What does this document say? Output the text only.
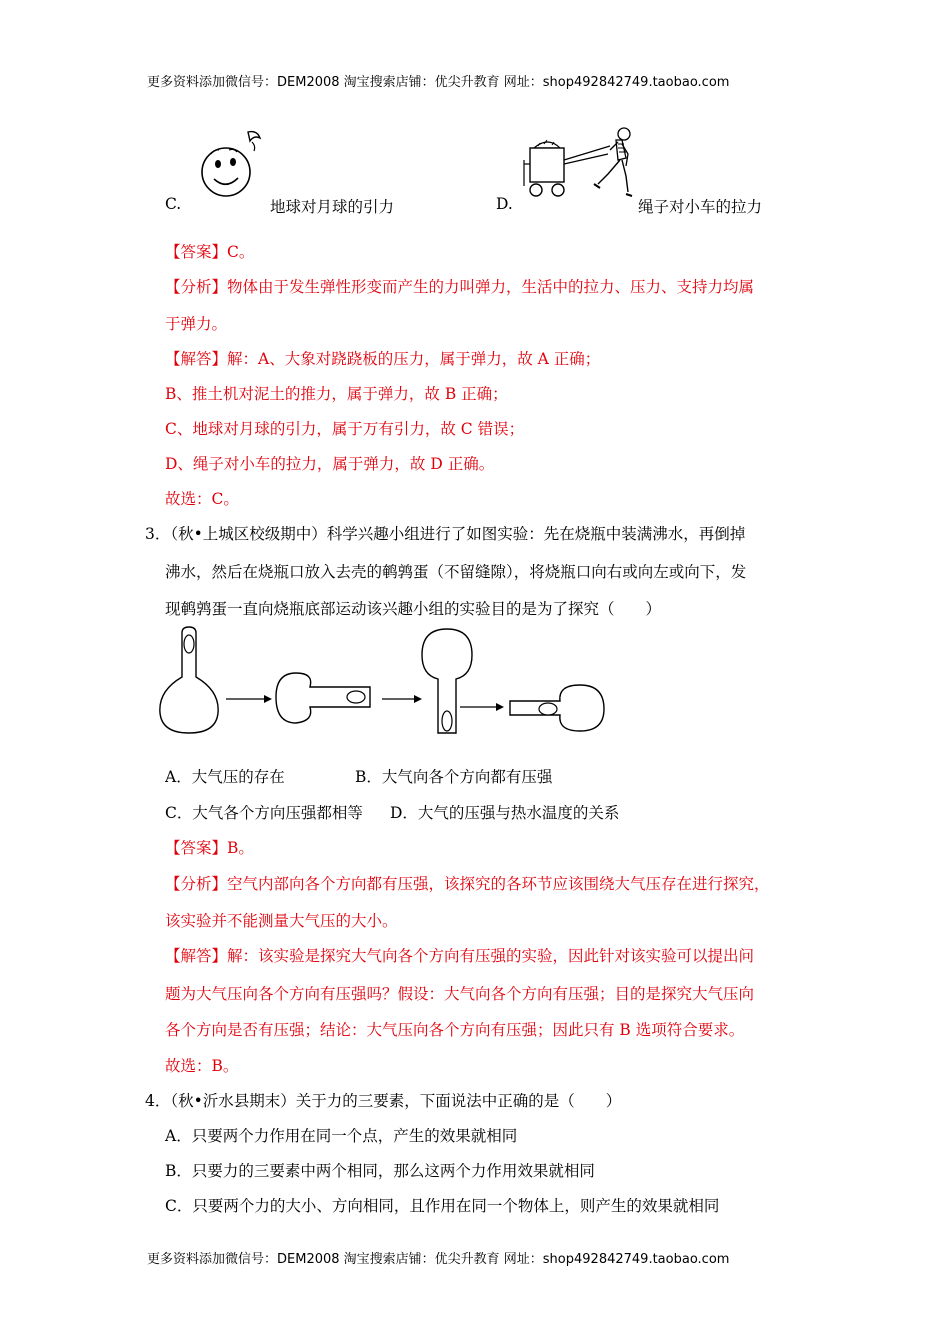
更多资料添加微信号：DEM2008 淘宝搜索店铺：优尖升教育 网址：shop492842749.taobao.com
C.	地球对月球的引力	D.	绳子对小车的拉力
【答案】C。
【分析】物体由于发生弹性形变而产生的力叫弹力，生活中的拉力、压力、支持力均属
于弹力。
【解答】解：A、大象对跷跷板的压力，属于弹力，故 A 正确；
B、推土机对泥土的推力，属于弹力，故 B 正确；
C、地球对月球的引力，属于万有引力，故 C 错误；
D、绳子对小车的拉力，属于弹力，故 D 正确。
故选：C。
3．（秋•上城区校级期中）科学兴趣小组进行了如图实验：先在烧瓶中装满沸水，再倒掉
沸水，然后在烧瓶口放入去壳的鹌鹑蛋（不留缝隙），将烧瓶口向右或向左或向下，发
现鹌鹑蛋一直向烧瓶底部运动该兴趣小组的实验目的是为了探究（　　）
A．大气压的存在	B．大气向各个方向都有压强
C．大气各个方向压强都相等 D．大气的压强与热水温度的关系
【答案】B。
【分析】空气内部向各个方向都有压强，该探究的各环节应该围绕大气压存在进行探究，
该实验并不能测量大气压的大小。
【解答】解：该实验是探究大气向各个方向有压强的实验，因此针对该实验可以提出问
题为大气压向各个方向有压强吗？假设：大气向各个方向有压强；目的是探究大气压向
各个方向是否有压强；结论：大气压向各个方向有压强；因此只有 B 选项符合要求。
故选：B。
4．（秋•沂水县期末）关于力的三要素，下面说法中正确的是（　　）
A．只要两个力作用在同一个点，产生的效果就相同
B．只要力的三要素中两个相同，那么这两个力作用效果就相同
C．只要两个力的大小、方向相同，且作用在同一个物体上，则产生的效果就相同
更多资料添加微信号：DEM2008 淘宝搜索店铺：优尖升教育 网址：shop492842749.taobao.com
